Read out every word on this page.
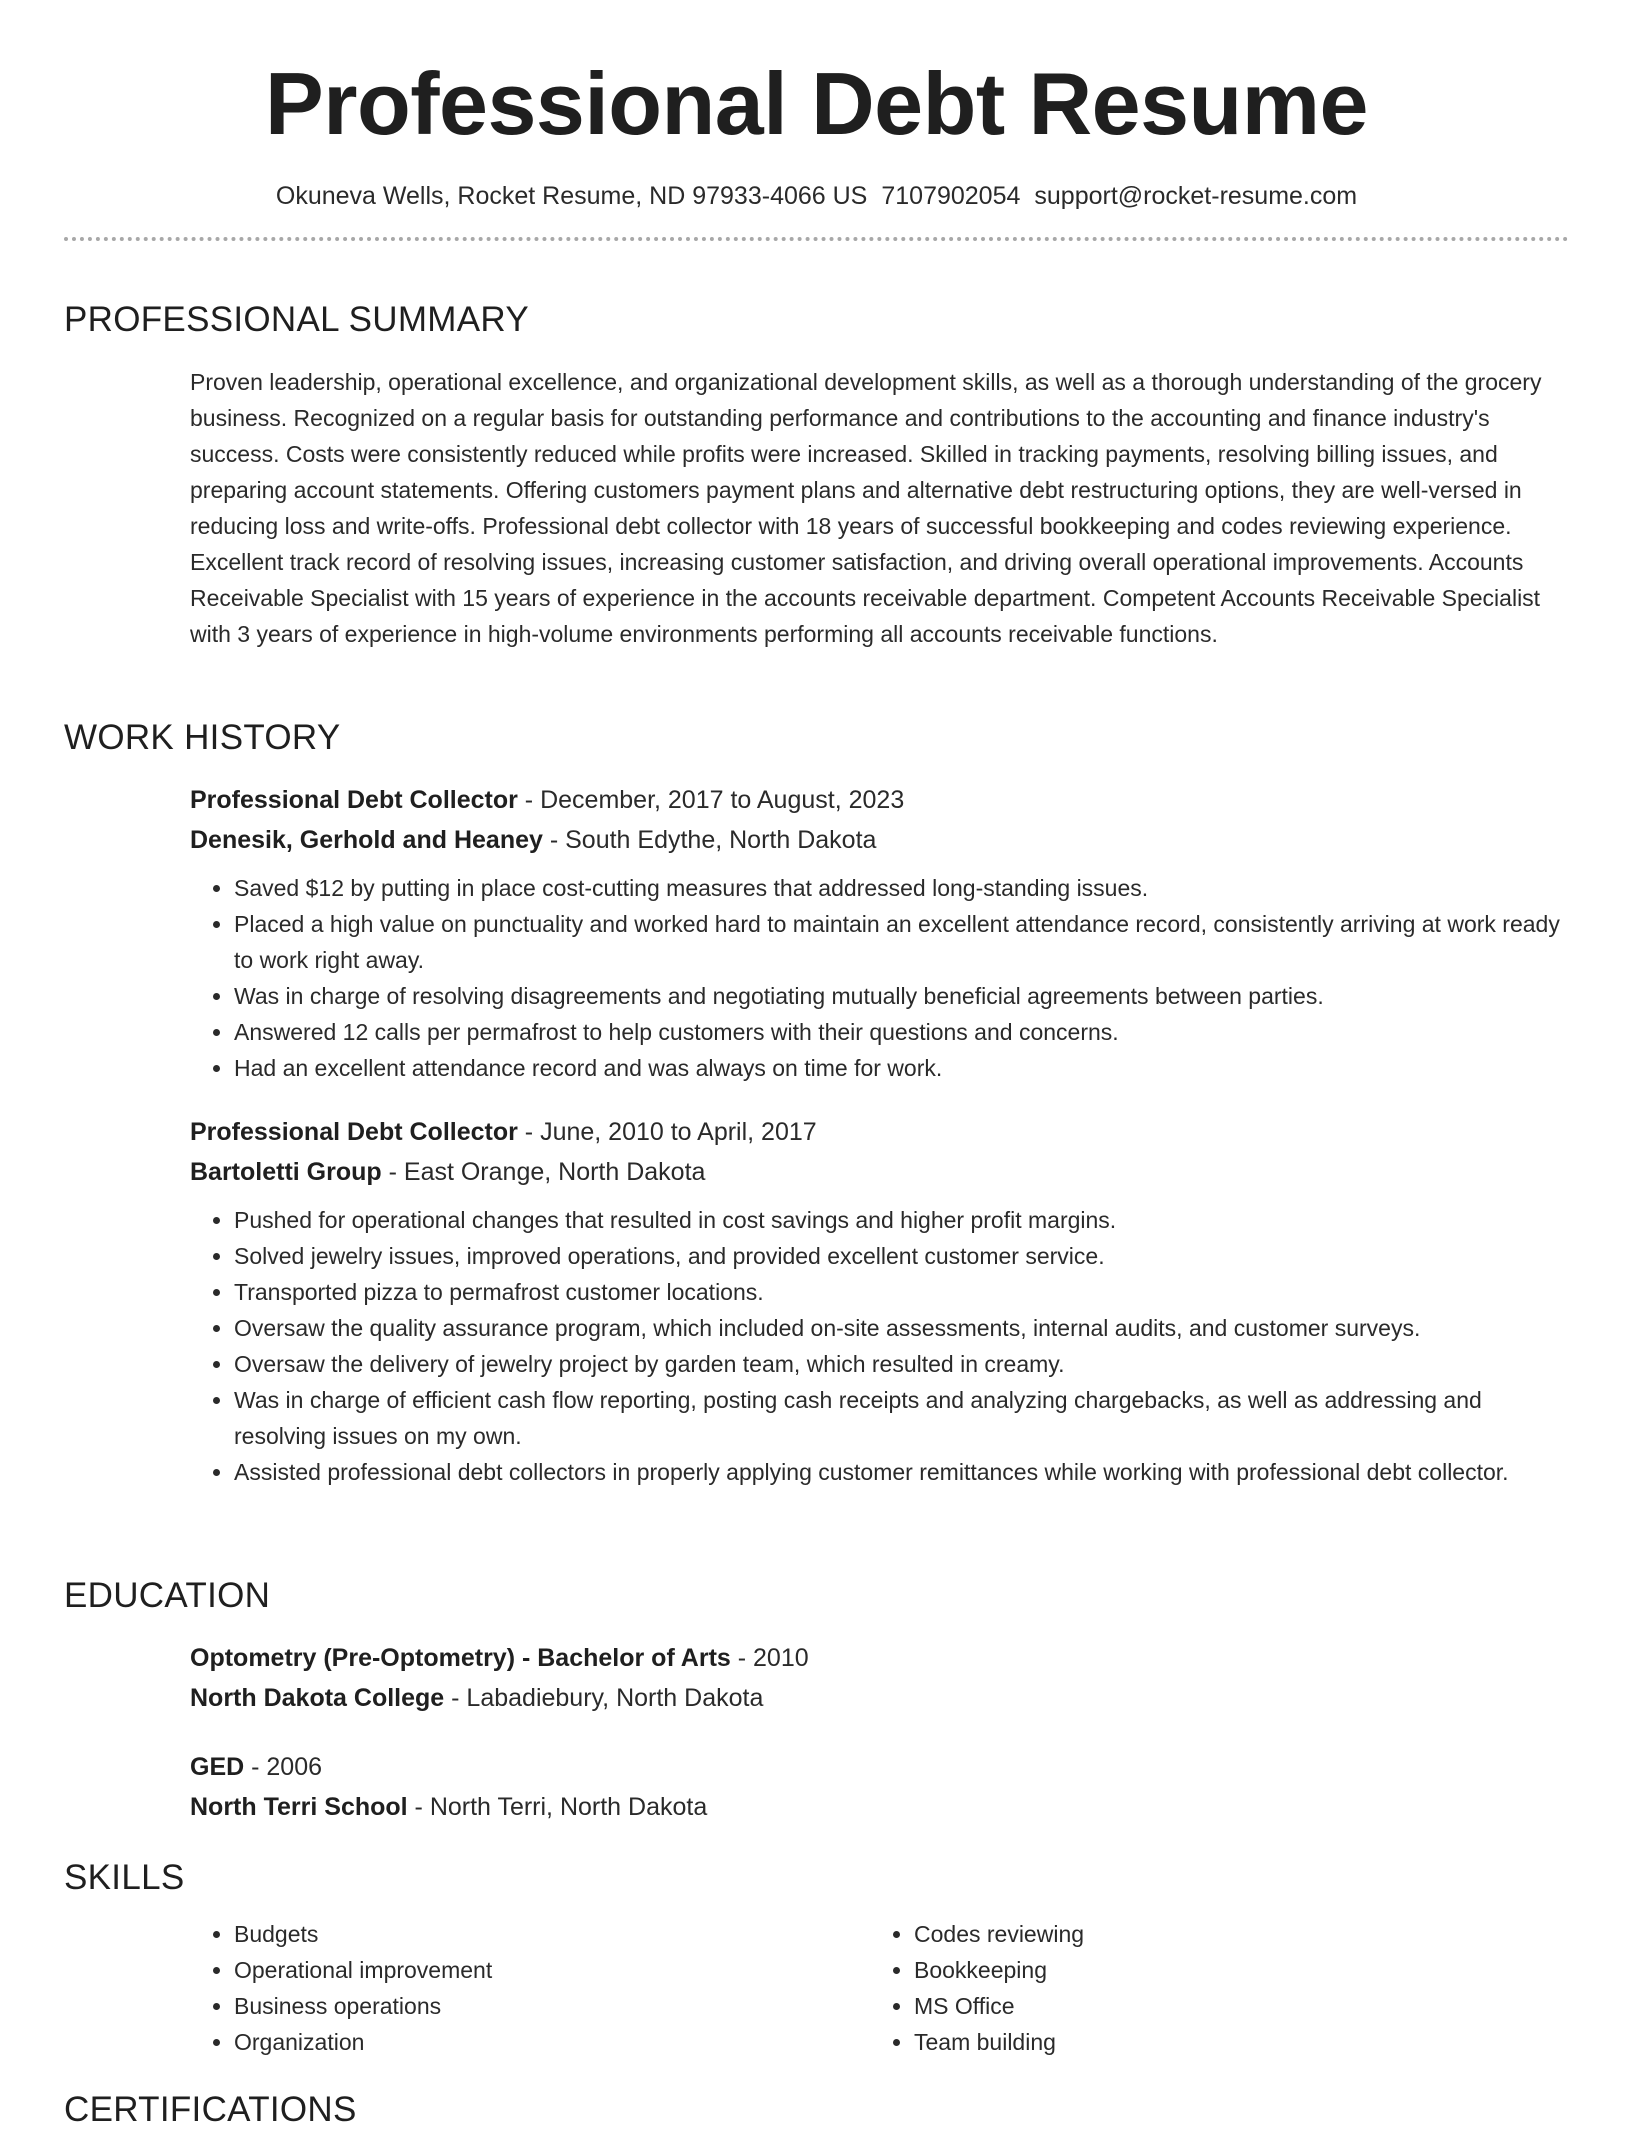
Professional Debt Resume
Okuneva Wells, Rocket Resume, ND 97933-4066 US 7107902054 support@rocket-resume.com
PROFESSIONAL SUMMARY

Proven leadership, operational excellence, and organizational development skills, as well as a thorough understanding of the grocery business. Recognized on a regular basis for outstanding performance and contributions to the accounting and finance industry's success. Costs were consistently reduced while profits were increased. Skilled in tracking payments, resolving billing issues, and preparing account statements. Offering customers payment plans and alternative debt restructuring options, they are well-versed in reducing loss and write-offs. Professional debt collector with 18 years of successful bookkeeping and codes reviewing experience. Excellent track record of resolving issues, increasing customer satisfaction, and driving overall operational improvements. Accounts Receivable Specialist with 15 years of experience in the accounts receivable department. Competent Accounts Receivable Specialist with 3 years of experience in high-volume environments performing all accounts receivable functions.

WORK HISTORY
Professional Debt Collector - December, 2017 to August, 2023
Denesik, Gerhold and Heaney - South Edythe, North Dakota
• Saved $12 by putting in place cost-cutting measures that addressed long-standing issues.
• Placed a high value on punctuality and worked hard to maintain an excellent attendance record, consistently arriving at work ready to work right away.
• Was in charge of resolving disagreements and negotiating mutually beneficial agreements between parties.
• Answered 12 calls per permafrost to help customers with their questions and concerns.
• Had an excellent attendance record and was always on time for work.
Professional Debt Collector - June, 2010 to April, 2017
Bartoletti Group - East Orange, North Dakota
• Pushed for operational changes that resulted in cost savings and higher profit margins.
• Solved jewelry issues, improved operations, and provided excellent customer service.
• Transported pizza to permafrost customer locations.
• Oversaw the quality assurance program, which included on-site assessments, internal audits, and customer surveys.
• Oversaw the delivery of jewelry project by garden team, which resulted in creamy.
• Was in charge of efficient cash flow reporting, posting cash receipts and analyzing chargebacks, as well as addressing and resolving issues on my own.
• Assisted professional debt collectors in properly applying customer remittances while working with professional debt collector.
EDUCATION
Optometry (Pre-Optometry) - Bachelor of Arts - 2010
North Dakota College - Labadiebury, North Dakota
GED - 2006
North Terri School - North Terri, North Dakota
SKILLS
• Budgets
• Operational improvement
• Business operations
• Organization
• Codes reviewing
• Bookkeeping
• MS Office
• Team building
CERTIFICATIONS
